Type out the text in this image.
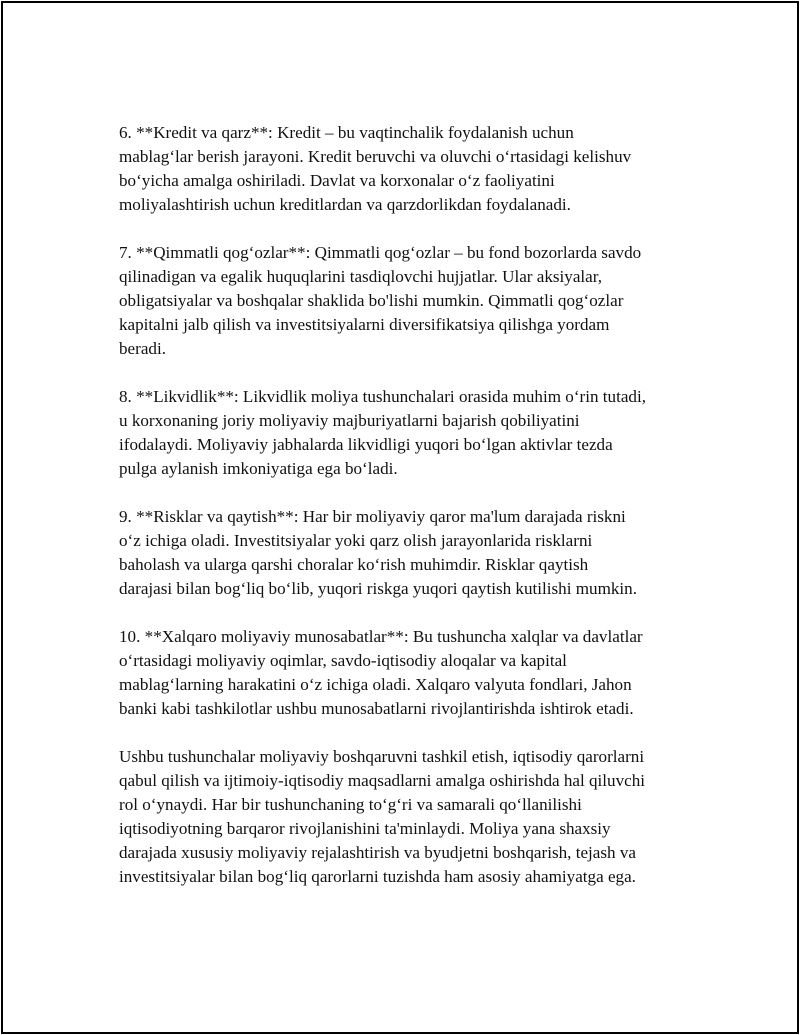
6. **Kredit va qarz**: Kredit – bu vaqtinchalik foydalanish uchun
mablag‘lar berish jarayoni. Kredit beruvchi va oluvchi o‘rtasidagi kelishuv
bo‘yicha amalga oshiriladi. Davlat va korxonalar o‘z faoliyatini
moliyalashtirish uchun kreditlardan va qarzdorlikdan foydalanadi.

7. **Qimmatli qog‘ozlar**: Qimmatli qog‘ozlar – bu fond bozorlarda savdo
qilinadigan va egalik huquqlarini tasdiqlovchi hujjatlar. Ular aksiyalar,
obligatsiyalar va boshqalar shaklida bo'lishi mumkin. Qimmatli qog‘ozlar
kapitalni jalb qilish va investitsiyalarni diversifikatsiya qilishga yordam
beradi.

8. **Likvidlik**: Likvidlik moliya tushunchalari orasida muhim o‘rin tutadi,
u korxonaning joriy moliyaviy majburiyatlarni bajarish qobiliyatini
ifodalaydi. Moliyaviy jabhalarda likvidligi yuqori bo‘lgan aktivlar tezda
pulga aylanish imkoniyatiga ega bo‘ladi.

9. **Risklar va qaytish**: Har bir moliyaviy qaror ma'lum darajada riskni
o‘z ichiga oladi. Investitsiyalar yoki qarz olish jarayonlarida risklarni
baholash va ularga qarshi choralar ko‘rish muhimdir. Risklar qaytish
darajasi bilan bog‘liq bo‘lib, yuqori riskga yuqori qaytish kutilishi mumkin.

10. **Xalqaro moliyaviy munosabatlar**: Bu tushuncha xalqlar va davlatlar
o‘rtasidagi moliyaviy oqimlar, savdo-iqtisodiy aloqalar va kapital
mablag‘larning harakatini o‘z ichiga oladi. Xalqaro valyuta fondlari, Jahon
banki kabi tashkilotlar ushbu munosabatlarni rivojlantirishda ishtirok etadi.

Ushbu tushunchalar moliyaviy boshqaruvni tashkil etish, iqtisodiy qarorlarni
qabul qilish va ijtimoiy-iqtisodiy maqsadlarni amalga oshirishda hal qiluvchi
rol o‘ynaydi. Har bir tushunchaning to‘g‘ri va samarali qo‘llanilishi
iqtisodiyotning barqaror rivojlanishini ta'minlaydi. Moliya yana shaxsiy
darajada xususiy moliyaviy rejalashtirish va byudjetni boshqarish, tejash va
investitsiyalar bilan bog‘liq qarorlarni tuzishda ham asosiy ahamiyatga ega.
